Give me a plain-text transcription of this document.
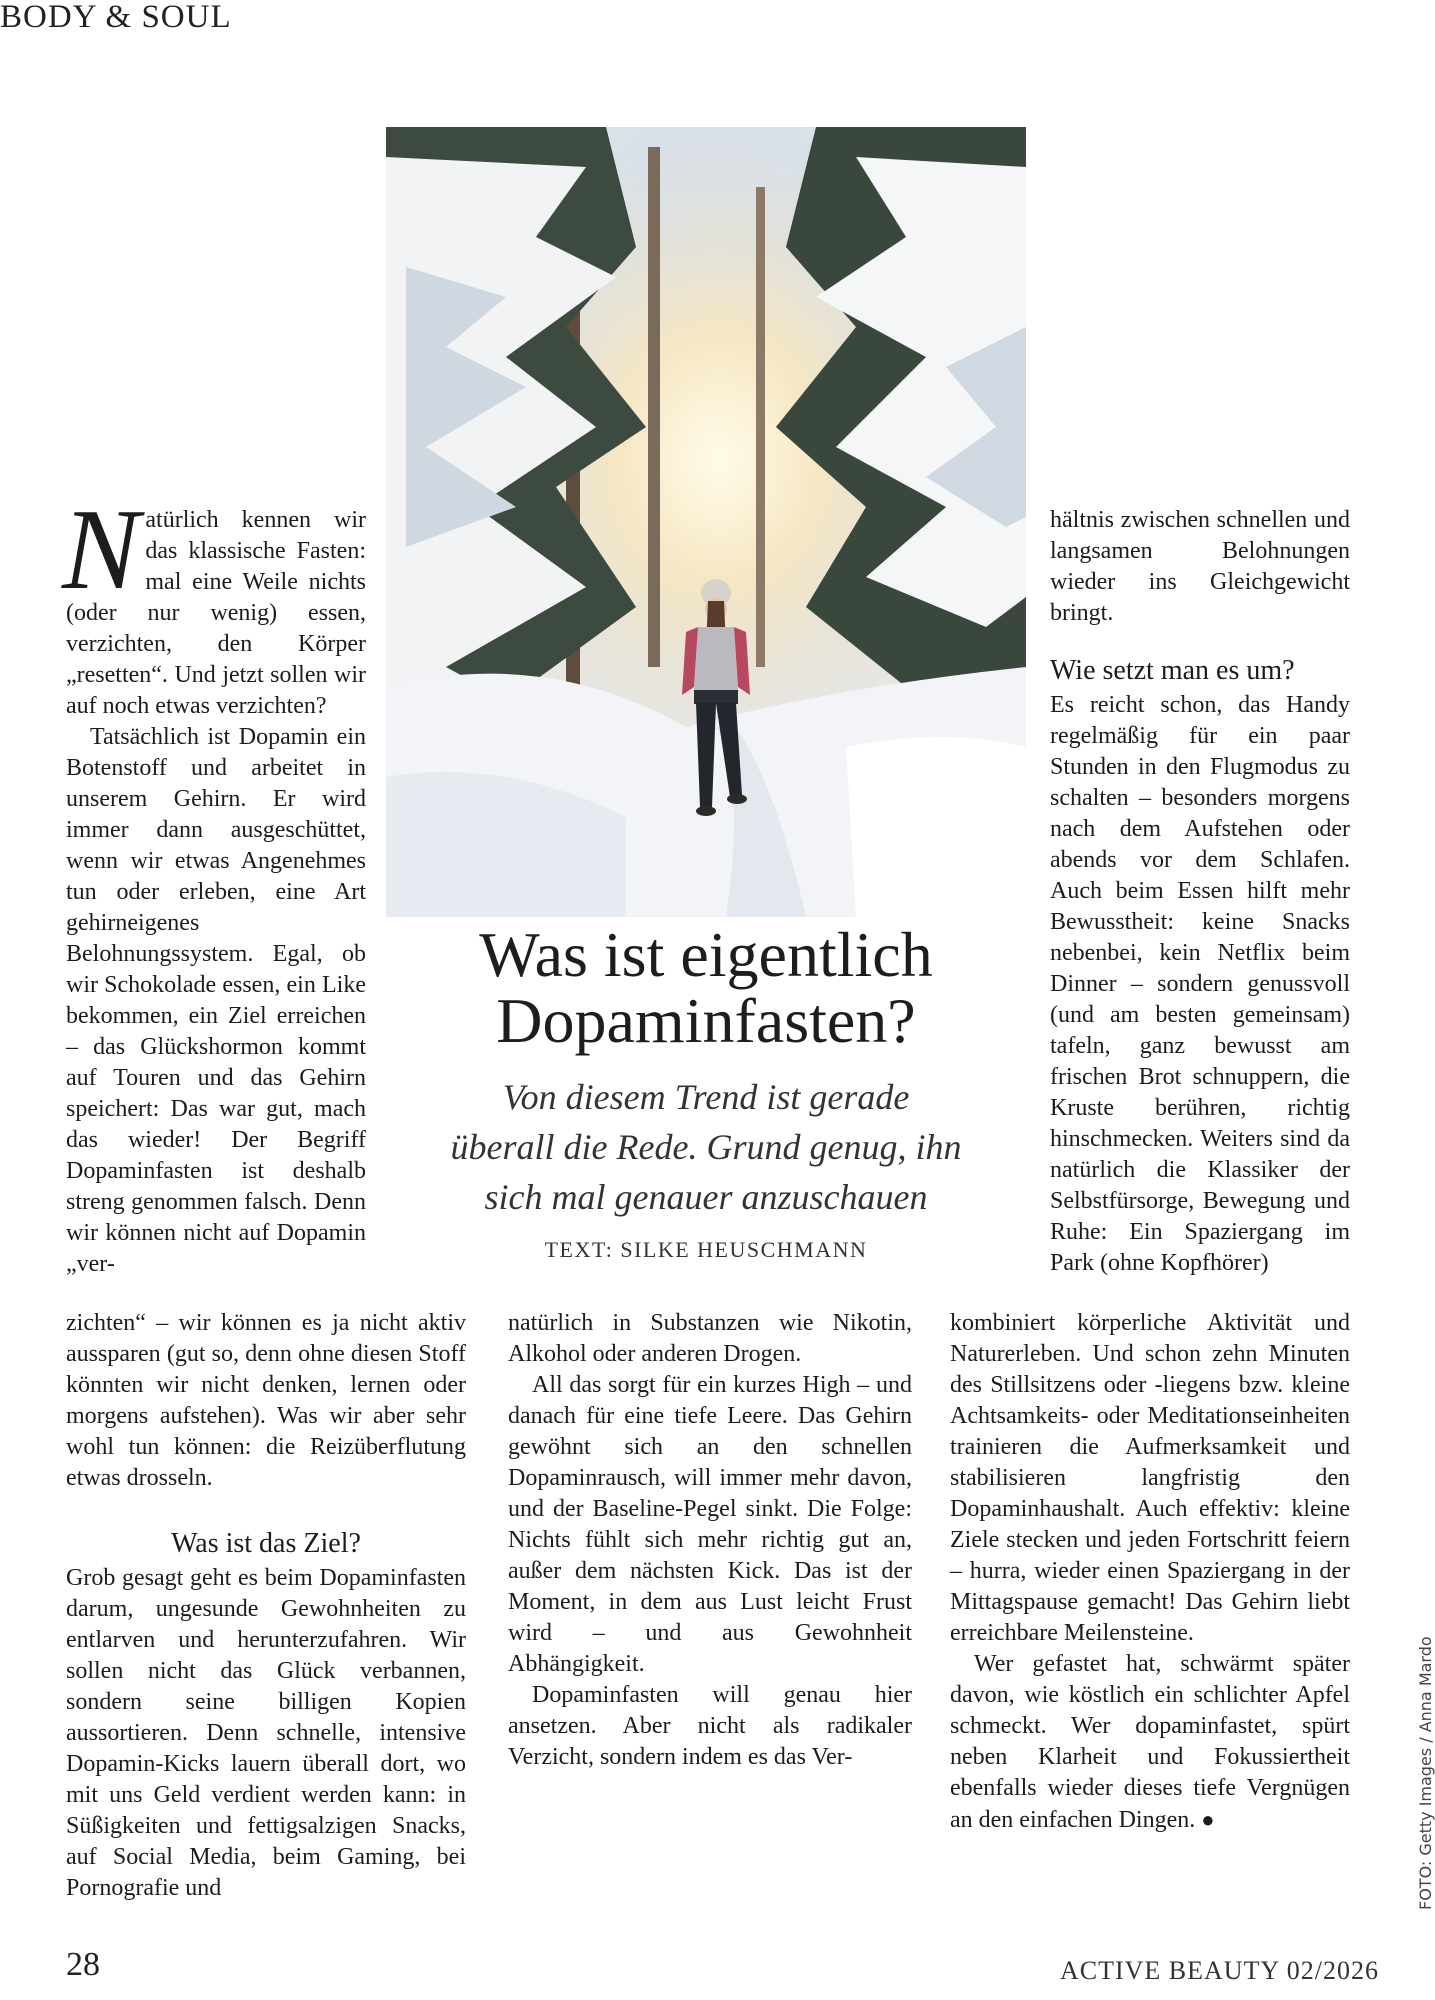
BODY & SOUL
Was ist eigentlich
Dopaminfasten?

Von diesem Trend ist gerade
überall die Rede. Grund genug, ihn
sich mal genauer anzuschauen

TEXT: SILKE HEUSCHMANN

Natürlich kennen wir das klassische Fasten: mal eine Weile nichts (oder nur wenig) essen, verzichten, den Körper „resetten“. Und jetzt sollen wir auf noch etwas verzichten?

Tatsächlich ist Dopamin ein Botenstoff und arbeitet in unserem Gehirn. Er wird immer dann ausgeschüttet, wenn wir etwas Angenehmes tun oder erleben, eine Art gehirneigenes Belohnungssystem. Egal, ob wir Schokolade essen, ein Like bekommen, ein Ziel erreichen – das Glückshormon kommt auf Touren und das Gehirn speichert: Das war gut, mach das wieder! Der Begriff Dopaminfasten ist deshalb streng genommen falsch. Denn wir können nicht auf Dopamin „ver-

zichten“ – wir können es ja nicht aktiv aussparen (gut so, denn ohne diesen Stoff könnten wir nicht denken, lernen oder morgens aufstehen). Was wir aber sehr wohl tun können: die Reizüberflutung etwas drosseln.

Was ist das Ziel?

Grob gesagt geht es beim Dopaminfasten darum, ungesunde Gewohnheiten zu entlarven und herunterzufahren. Wir sollen nicht das Glück verbannen, sondern seine billigen Kopien aussortieren. Denn schnelle, intensive Dopamin-Kicks lauern überall dort, wo mit uns Geld verdient werden kann: in Süßigkeiten und fettigsalzigen Snacks, auf Social Media, beim Gaming, bei Pornografie und

natürlich in Substanzen wie Nikotin, Alkohol oder anderen Drogen.

All das sorgt für ein kurzes High – und danach für eine tiefe Leere. Das Gehirn gewöhnt sich an den schnellen Dopaminrausch, will immer mehr davon, und der Baseline-Pegel sinkt. Die Folge: Nichts fühlt sich mehr richtig gut an, außer dem nächsten Kick. Das ist der Moment, in dem aus Lust leicht Frust wird – und aus Gewohnheit Abhängigkeit.

Dopaminfasten will genau hier ansetzen. Aber nicht als radikaler Verzicht, sondern indem es das Ver-

hältnis zwischen schnellen und langsamen Belohnungen wieder ins Gleichgewicht bringt.

Wie setzt man es um?

Es reicht schon, das Handy regelmäßig für ein paar Stunden in den Flugmodus zu schalten – besonders morgens nach dem Aufstehen oder abends vor dem Schlafen. Auch beim Essen hilft mehr Bewusstheit: keine Snacks nebenbei, kein Netflix beim Dinner – sondern genussvoll (und am besten gemeinsam) tafeln, ganz bewusst am frischen Brot schnuppern, die Kruste berühren, richtig hinschmecken. Weiters sind da natürlich die Klassiker der Selbstfürsorge, Bewegung und Ruhe: Ein Spaziergang im Park (ohne Kopfhörer)

kombiniert körperliche Aktivität und Naturerleben. Und schon zehn Minuten des Stillsitzens oder -liegens bzw. kleine Achtsamkeits- oder Meditationseinheiten trainieren die Aufmerksamkeit und stabilisieren langfristig den Dopaminhaushalt. Auch effektiv: kleine Ziele stecken und jeden Fortschritt feiern – hurra, wieder einen Spaziergang in der Mittagspause gemacht! Das Gehirn liebt erreichbare Meilensteine.

Wer gefastet hat, schwärmt später davon, wie köstlich ein schlichter Apfel schmeckt. Wer dopaminfastet, spürt neben Klarheit und Fokussiertheit ebenfalls wieder dieses tiefe Vergnügen an den einfachen Dingen. ●	FOTO: Getty Images / Anna Mardo
28	ACTIVE BEAUTY 02/2026
